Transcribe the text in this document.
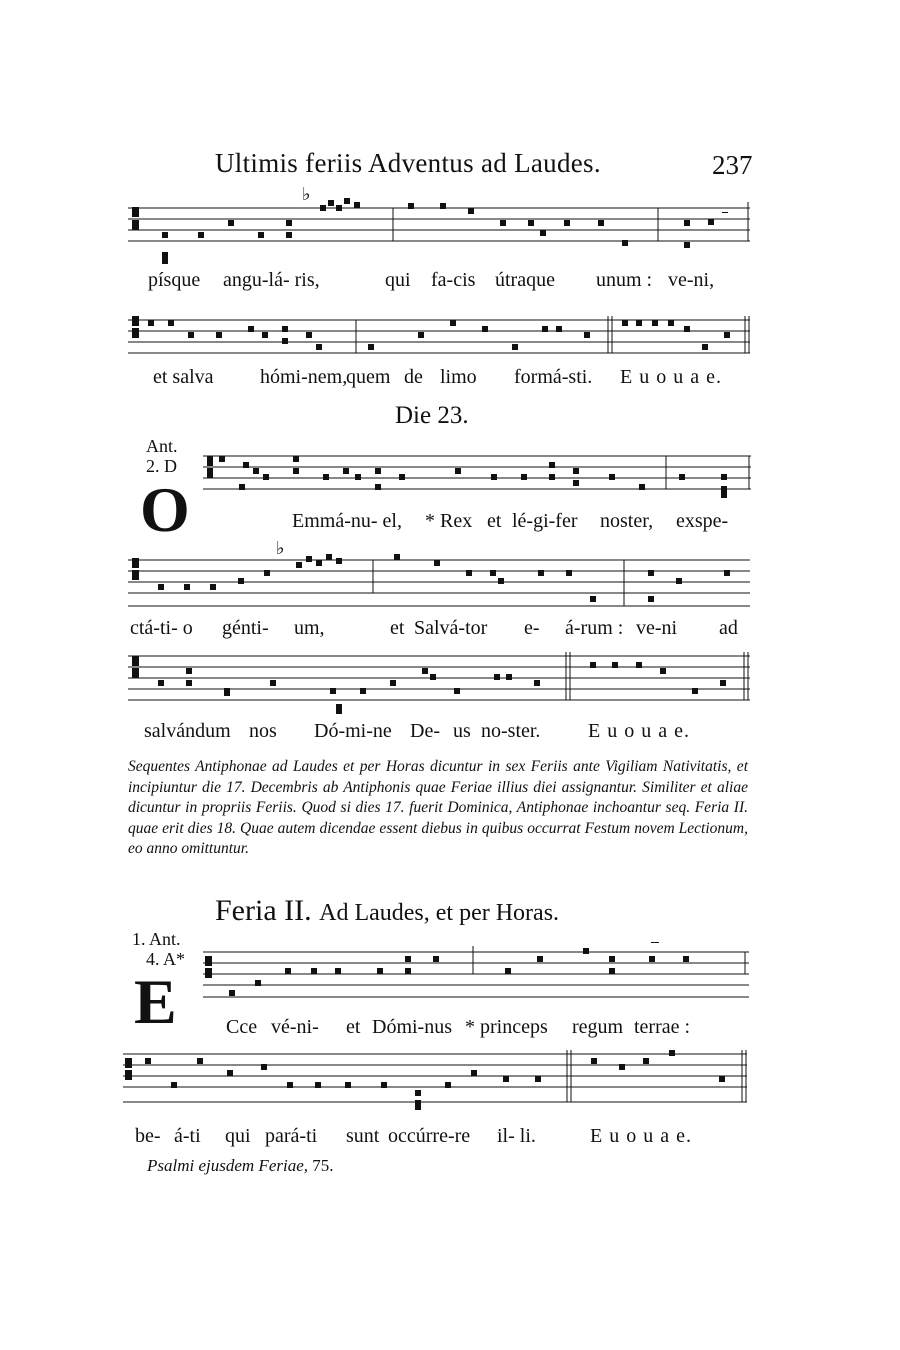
Ultimis feriis Adventus ad Laudes.	237
♭
písque angu-lá- ris,	qui fa-cis útraque unum : ve-ni,
et salva hómi-nem,
quem de limo formá-sti. E u o u a e.
Die 23.
Ant.
2. D
O	Emmá-nu- el, * Rex et lé-gi-fer noster, exspe-
♭
ctá-ti- o génti- um,	et Salvá-tor e- á-rum : ve-ni ad
salvándum nos Dó-mi-ne De- us no-ster. E u o u a e.
Sequentes Antiphonae ad Laudes et per Horas dicuntur in sex Feriis ante Vigiliam Nativitatis, et incipiuntur die 17. Decembris ab Antiphonis quae Feriae illius diei assignantur. Similiter et aliae dicuntur in propriis Feriis. Quod si dies 17. fuerit Dominica, Antiphonae inchoantur seq. Feria II. quae erit dies 18. Quae autem dicendae essent diebus in quibus occurrat Festum novem Lectionum, eo anno omittuntur.
Feria II. Ad Laudes, et per Horas.
1. Ant.
4. A*
E Cce vé-ni- et Dómi-nus * princeps regum terrae :
be- á-ti qui pará-ti sunt occúrre-re il- li.	E u o u a e.
Psalmi ejusdem Feriae, 75.
